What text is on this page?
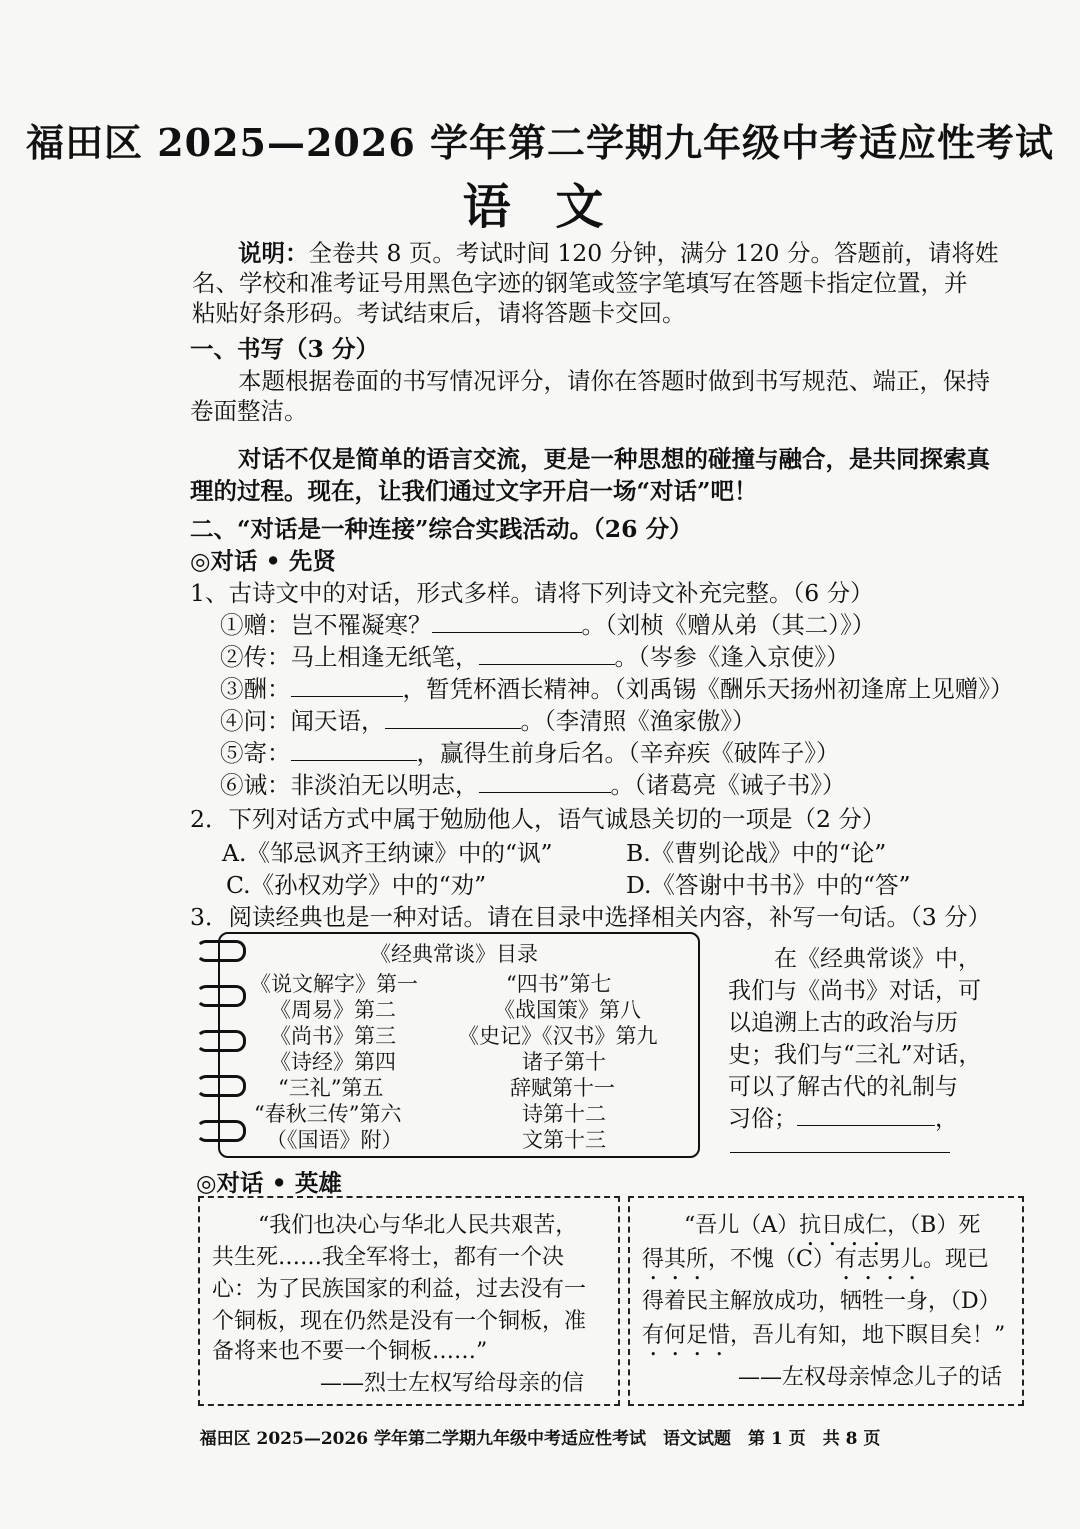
福田区 2025—2026 学年第二学期九年级中考适应性考试
语 文
说明：全卷共 8 页。考试时间 120 分钟，满分 120 分。答题前，请将姓
名、学校和准考证号用黑色字迹的钢笔或签字笔填写在答题卡指定位置，并
粘贴好条形码。考试结束后，请将答题卡交回。
一、书写（3 分）
本题根据卷面的书写情况评分，请你在答题时做到书写规范、端正，保持
卷面整洁。
对话不仅是简单的语言交流，更是一种思想的碰撞与融合，是共同探索真
理的过程。现在，让我们通过文字开启一场“对话”吧！
二、“对话是一种连接”综合实践活动。（26 分）
◎对话 • 先贤
1、古诗文中的对话，形式多样。请将下列诗文补充完整。（6 分）
①赠：岂不罹凝寒？	。（刘桢《赠从弟（其二）》）
②传：马上相逢无纸笔，	。（岑参《逢入京使》）
③酬：	，暂凭杯酒长精神。（刘禹锡《酬乐天扬州初逢席上见赠》）
④问：闻天语，	。（李清照《渔家傲》）
⑤寄：	，赢得生前身后名。（辛弃疾《破阵子》）
⑥诫：非淡泊无以明志，	。（诸葛亮《诫子书》）
2．下列对话方式中属于勉励他人，语气诚恳关切的一项是（2 分）
A.《邹忌讽齐王纳谏》中的“讽”	B.《曹刿论战》中的“论”
C.《孙权劝学》中的“劝”	D.《答谢中书书》中的“答”
3．阅读经典也是一种对话。请在目录中选择相关内容，补写一句话。（3 分）
《经典常谈》目录
《说文解字》第一
《周易》第二
《尚书》第三
《诗经》第四
“三礼”第五
“春秋三传”第六
（《国语》附）
“四书”第七
《战国策》第八
《史记》《汉书》第九
诸子第十
辞赋第十一
诗第十二
文第十三
在《经典常谈》中，
我们与《尚书》对话，可
以追溯上古的政治与历
史；我们与“三礼”对话，
可以了解古代的礼制与
习俗；	，
◎对话 • 英雄
“我们也决心与华北人民共艰苦，
共生死……我全军将士，都有一个决
心：为了民族国家的利益，过去没有一
个铜板，现在仍然是没有一个铜板，准
备将来也不要一个铜板……”
——烈士左权写给母亲的信
“吾儿（A）抗日成仁，（B）死
得其所，不愧（C）有志男儿。现已
得着民主解放成功，牺牲一身，（D）
有何足惜，吾儿有知，地下瞑目矣！”
——左权母亲悼念儿子的话
福田区 2025—2026 学年第二学期九年级中考适应性考试　语文试题　第 1 页　共 8 页
